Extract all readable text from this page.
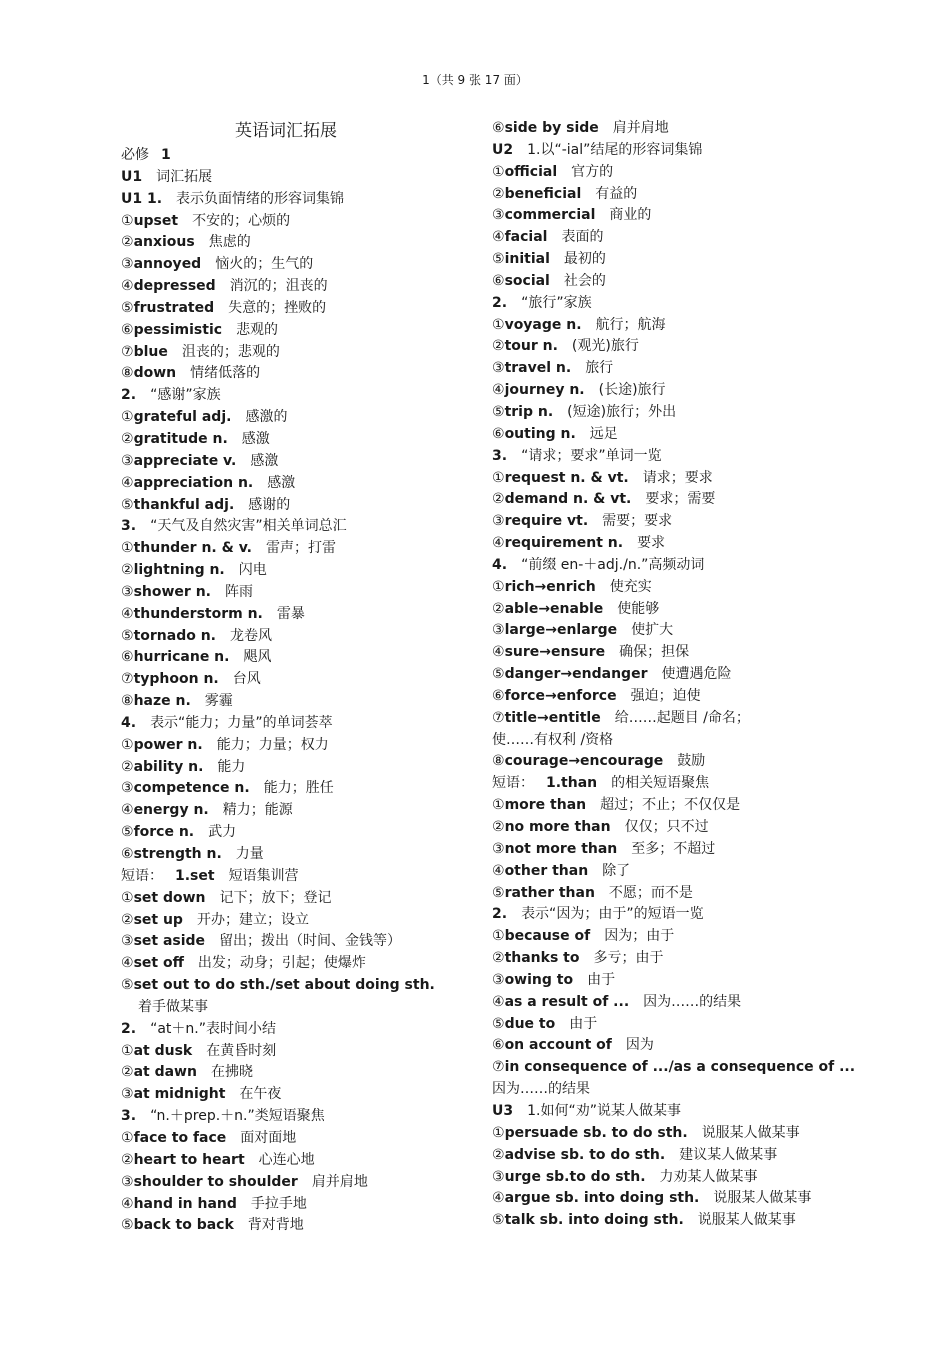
1（共 9 张 17 面）
英语词汇拓展
必修 1
U1 词汇拓展
U1 1. 表示负面情绪的形容词集锦
①upset 不安的；心烦的
②anxious 焦虑的
③annoyed 恼火的；生气的
④depressed 消沉的；沮丧的
⑤frustrated 失意的；挫败的
⑥pessimistic 悲观的
⑦blue 沮丧的；悲观的
⑧down 情绪低落的
2. “感谢”家族
①grateful adj. 感激的
②gratitude n. 感激
③appreciate v. 感激
④appreciation n. 感激
⑤thankful adj. 感谢的
3. “天气及自然灾害”相关单词总汇
①thunder n. & v. 雷声；打雷
②lightning n. 闪电
③shower n. 阵雨
④thunderstorm n. 雷暴
⑤tornado n. 龙卷风
⑥hurricane n. 飓风
⑦typhoon n. 台风
⑧haze n. 雾霾
4. 表示“能力；力量”的单词荟萃
①power n. 能力；力量；权力
②ability n. 能力
③competence n. 能力；胜任
④energy n. 精力；能源
⑤force n. 武力
⑥strength n. 力量
短语： 1.set 短语集训营
①set down 记下；放下；登记
②set up 开办；建立；设立
③set aside 留出；拨出（时间、金钱等）
④set off 出发；动身；引起；使爆炸
⑤set out to do sth./set about doing sth.
着手做某事
2. “at＋n.”表时间小结
①at dusk 在黄昏时刻
②at dawn 在拂晓
③at midnight 在午夜
3. “n.＋prep.＋n.”类短语聚焦
①face to face 面对面地
②heart to heart 心连心地
③shoulder to shoulder 肩并肩地
④hand in hand 手拉手地
⑤back to back 背对背地
⑥side by side 肩并肩地
U2 1.以“-ial”结尾的形容词集锦
①official 官方的
②beneficial 有益的
③commercial 商业的
④facial 表面的
⑤initial 最初的
⑥social 社会的
2. “旅行”家族
①voyage n. 航行；航海
②tour n. (观光)旅行
③travel n. 旅行
④journey n. (长途)旅行
⑤trip n. (短途)旅行；外出
⑥outing n. 远足
3. “请求；要求”单词一览
①request n. & vt. 请求；要求
②demand n. & vt. 要求；需要
③require vt. 需要；要求
④requirement n. 要求
4. “前缀 en-＋adj./n.”高频动词
①rich→enrich 使充实
②able→enable 使能够
③large→enlarge 使扩大
④sure→ensure 确保；担保
⑤danger→endanger 使遭遇危险
⑥force→enforce 强迫；迫使
⑦title→entitle 给……起题目 /命名；
使……有权利 /资格
⑧courage→encourage 鼓励
短语： 1.than 的相关短语聚焦
①more than 超过；不止；不仅仅是
②no more than 仅仅；只不过
③not more than 至多；不超过
④other than 除了
⑤rather than 不愿；而不是
2. 表示“因为；由于”的短语一览
①because of 因为；由于
②thanks to 多亏；由于
③owing to 由于
④as a result of ... 因为……的结果
⑤due to 由于
⑥on account of 因为
⑦in consequence of .../as a consequence of ...
因为……的结果
U3 1.如何“劝”说某人做某事
①persuade sb. to do sth. 说服某人做某事
②advise sb. to do sth. 建议某人做某事
③urge sb.to do sth. 力劝某人做某事
④argue sb. into doing sth. 说服某人做某事
⑤talk sb. into doing sth. 说服某人做某事
